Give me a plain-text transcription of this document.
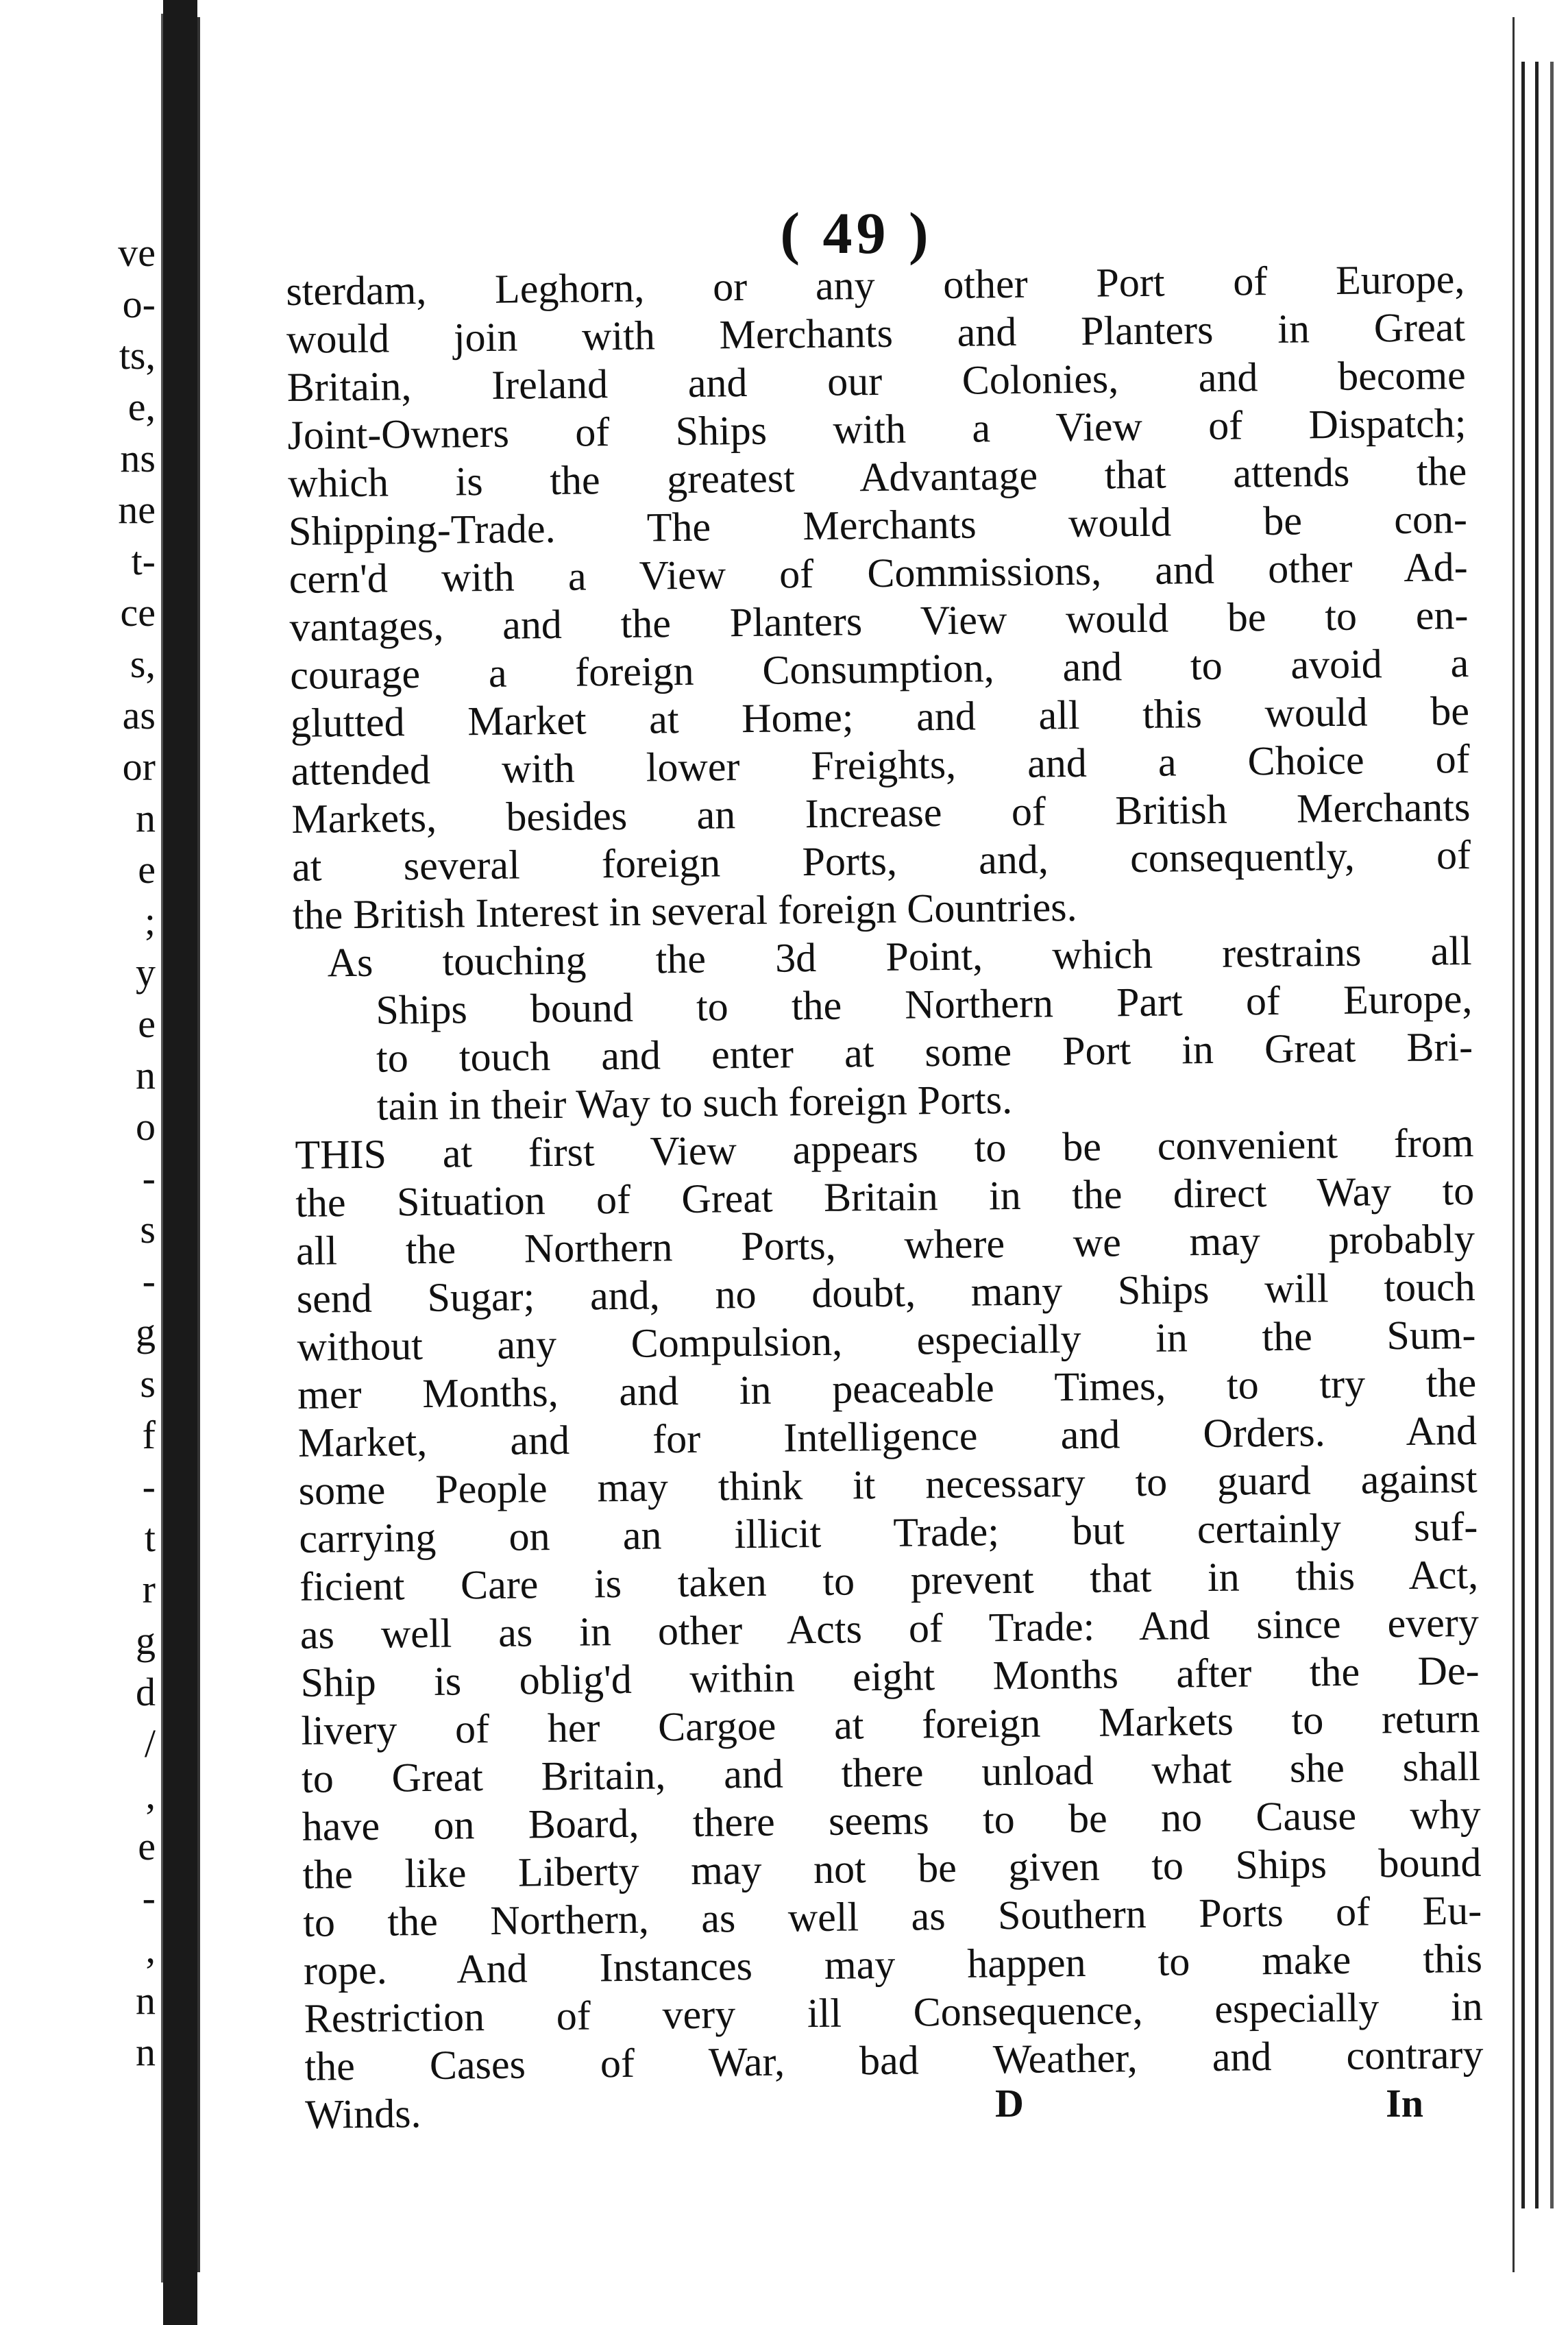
ve
o-
ts,
e,
ns
ne
t-
ce
s,
as
or
n
e
;
y
e
n
o
-
s
-
g
s
f
-
t
r
g
d
/
,
e
-
,
n
n
( 49 )
sterdam, Leghorn, or any other Port of Europe,
would join with Merchants and Planters in Great
Britain, Ireland and our Colonies, and become
Joint-Owners of Ships with a View of Dispatch;
which is the greatest Advantage that attends the
Shipping-Trade. The Merchants would be con-
cern'd with a View of Commissions, and other Ad-
vantages, and the Planters View would be to en-
courage a foreign Consumption, and to avoid a
glutted Market at Home; and all this would be
attended with lower Freights, and a Choice of
Markets, besides an Increase of British Merchants
at several foreign Ports, and, consequently, of
the British Interest in several foreign Countries.
As touching the 3d Point, which restrains all
Ships bound to the Northern Part of Europe,
to touch and enter at some Port in Great Bri-
tain in their Way to such foreign Ports.
THIS at first View appears to be convenient from
the Situation of Great Britain in the direct Way to
all the Northern Ports, where we may probably
send Sugar; and, no doubt, many Ships will touch
without any Compulsion, especially in the Sum-
mer Months, and in peaceable Times, to try the
Market, and for Intelligence and Orders. And
some People may think it necessary to guard against
carrying on an illicit Trade; but certainly suf-
ficient Care is taken to prevent that in this Act,
as well as in other Acts of Trade: And since every
Ship is oblig'd within eight Months after the De-
livery of her Cargoe at foreign Markets to return
to Great Britain, and there unload what she shall
have on Board, there seems to be no Cause why
the like Liberty may not be given to Ships bound
to the Northern, as well as Southern Ports of Eu-
rope. And Instances may happen to make this
Restriction of very ill Consequence, especially in
the Cases of War, bad Weather, and contrary
Winds.	D	In
